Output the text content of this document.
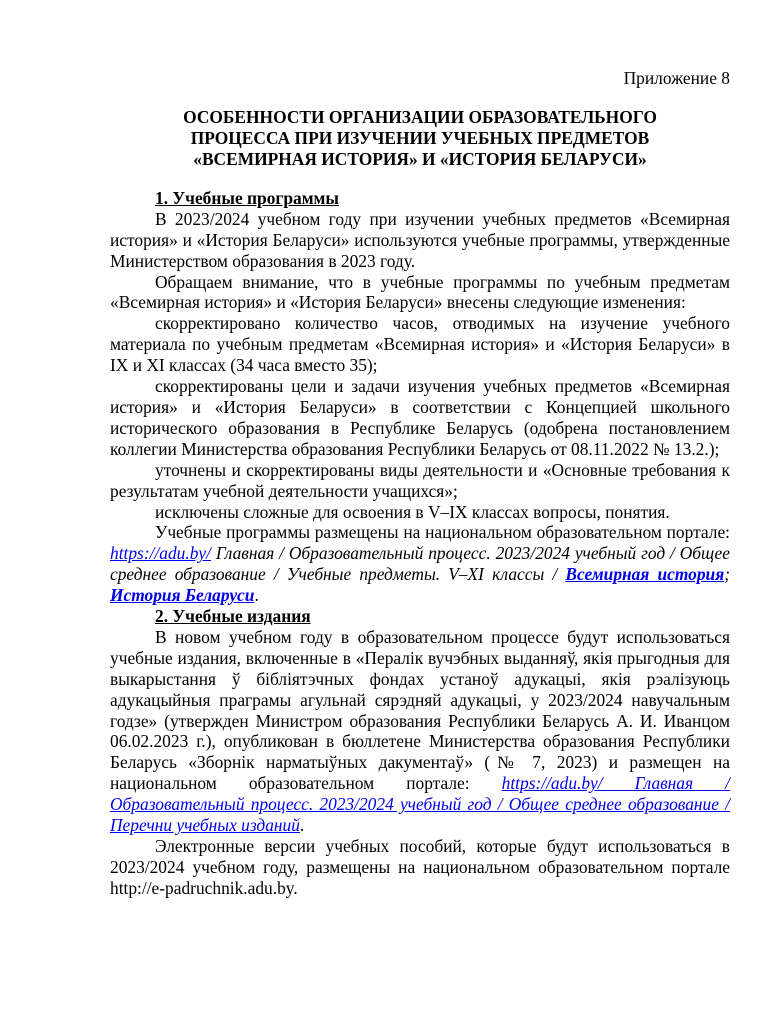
Приложение 8

ОСОБЕННОСТИ ОРГАНИЗАЦИИ ОБРАЗОВАТЕЛЬНОГО
ПРОЦЕССА ПРИ ИЗУЧЕНИИ УЧЕБНЫХ ПРЕДМЕТОВ
«ВСЕМИРНАЯ ИСТОРИЯ» И «ИСТОРИЯ БЕЛАРУСИ»

1. Учебные программы

В 2023/2024 учебном году при изучении учебных предметов «Всемирная история» и «История Беларуси» используются учебные программы, утвержденные Министерством образования в 2023 году.

Обращаем внимание, что в учебные программы по учебным предметам «Всемирная история» и «История Беларуси» внесены следующие изменения:

скорректировано количество часов, отводимых на изучение учебного материала по учебным предметам «Всемирная история» и «История Беларуси» в IX и XI классах (34 часа вместо 35);

скорректированы цели и задачи изучения учебных предметов «Всемирная история» и «История Беларуси» в соответствии с Концепцией школьного исторического образования в Республике Беларусь (одобрена постановлением коллегии Министерства образования Республики Беларусь от 08.11.2022 № 13.2.);

уточнены и скорректированы виды деятельности и «Основные требования к результатам учебной деятельности учащихся»;

исключены сложные для освоения в V–IX классах вопросы, понятия.

Учебные программы размещены на национальном образовательном портале: https://adu.by/ Главная / Образовательный процесс. 2023/2024 учебный год / Общее среднее образование / Учебные предметы. V–XI классы / Всемирная история; История Беларуси.

2. Учебные издания

В новом учебном году в образовательном процессе будут использоваться учебные издания, включенные в «Пералік вучэбных выданняў, якія прыгодныя для выкарыстання ў бібліятэчных фондах устаноў адукацыі, якія рэалізуюць адукацыйныя праграмы агульнай сярэдняй адукацыі, у 2023/2024 навучальным годзе» (утвержден Министром образования Республики Беларусь А. И. Иванцом 06.02.2023 г.), опубликован в бюллетене Министерства образования Республики Беларусь «Зборнік нарматыўных дакументаў» (№ 7, 2023) и размещен на национальном образовательном портале: https://adu.by/ Главная / Образовательный процесс. 2023/2024 учебный год / Общее среднее образование / Перечни учебных изданий.

Электронные версии учебных пособий, которые будут использоваться в 2023/2024 учебном году, размещены на национальном образовательном портале http://e-padruchnik.adu.by.
